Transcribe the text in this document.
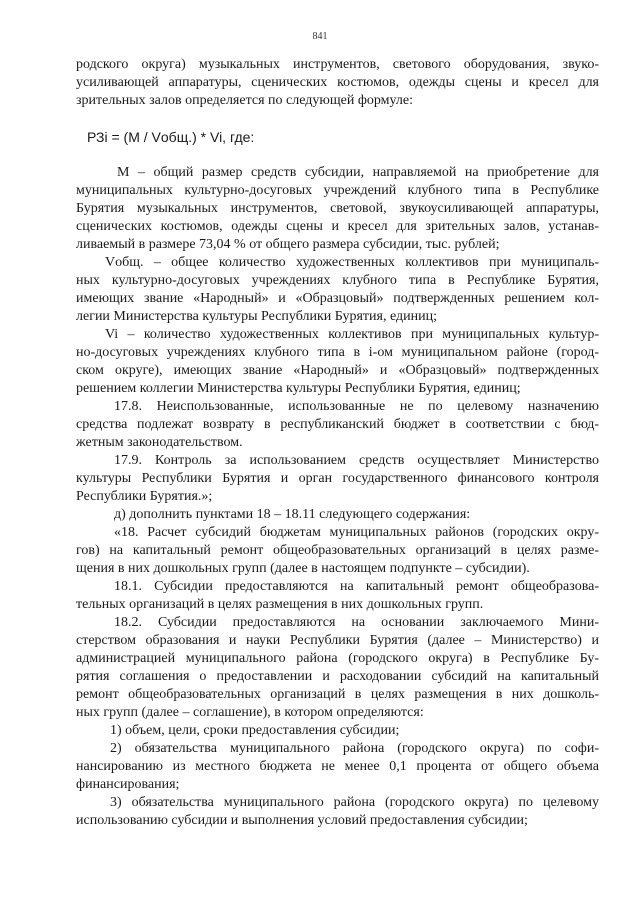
841
родского округа) музыкальных инструментов, светового оборудования, звуко-
усиливающей аппаратуры, сценических костюмов, одежды сцены и кресел для
зрительных залов определяется по следующей формуле:
РЗi = (М / Vобщ.) * Vi, где:
М – общий размер средств субсидии, направляемой на приобретение для
муниципальных культурно-досуговых учреждений клубного типа в Республике
Бурятия музыкальных инструментов, световой, звукоусиливающей аппаратуры,
сценических костюмов, одежды сцены и кресел для зрительных залов, устанав-
ливаемый в размере 73,04 % от общего размера субсидии, тыс. рублей;
Vобщ. – общее количество художественных коллективов при муниципаль-
ных культурно-досуговых учреждениях клубного типа в Республике Бурятия,
имеющих звание «Народный» и «Образцовый» подтвержденных решением кол-
легии Министерства культуры Республики Бурятия, единиц;
Vi – количество художественных коллективов при муниципальных культур-
но-досуговых учреждениях клубного типа в i-ом муниципальном районе (город-
ском округе), имеющих звание «Народный» и «Образцовый» подтвержденных
решением коллегии Министерства культуры Республики Бурятия, единиц;
17.8. Неиспользованные, использованные не по целевому назначению
средства подлежат возврату в республиканский бюджет в соответствии с бюд-
жетным законодательством.
17.9. Контроль за использованием средств осуществляет Министерство
культуры Республики Бурятия и орган государственного финансового контроля
Республики Бурятия.»;
д) дополнить пунктами 18 – 18.11 следующего содержания:
«18. Расчет субсидий бюджетам муниципальных районов (городских окру-
гов) на капитальный ремонт общеобразовательных организаций в целях разме-
щения в них дошкольных групп (далее в настоящем подпункте – субсидии).
18.1. Субсидии предоставляются на капитальный ремонт общеобразова-
тельных организаций в целях размещения в них дошкольных групп.
18.2. Субсидии предоставляются на основании заключаемого Мини-
стерством образования и науки Республики Бурятия (далее – Министерство) и
администрацией муниципального района (городского округа) в Республике Бу-
рятия соглашения о предоставлении и расходовании субсидий на капитальный
ремонт общеобразовательных организаций в целях размещения в них дошколь-
ных групп (далее – соглашение), в котором определяются:
1) объем, цели, сроки предоставления субсидии;
2) обязательства муниципального района (городского округа) по софи-
нансированию из местного бюджета не менее 0,1 процента от общего объема
финансирования;
3) обязательства муниципального района (городского округа) по целевому
использованию субсидии и выполнения условий предоставления субсидии;
